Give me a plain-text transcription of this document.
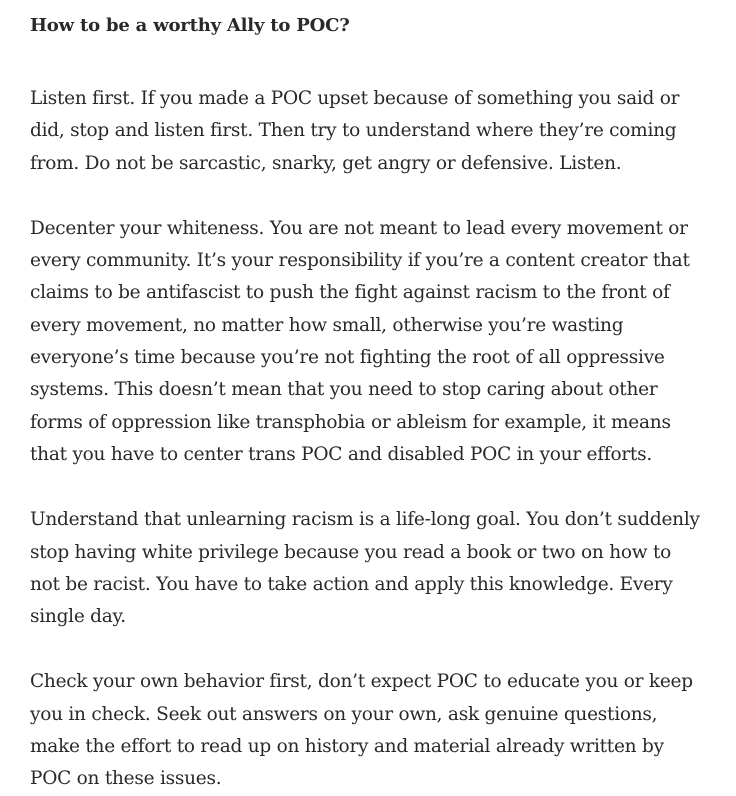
How to be a worthy Ally to POC?

Listen first. If you made a POC upset because of something you said or did, stop and listen first. Then try to understand where they’re coming from. Do not be sarcastic, snarky, get angry or defensive. Listen.

Decenter your whiteness. You are not meant to lead every movement or every community. It’s your responsibility if you’re a content creator that claims to be antifascist to push the fight against racism to the front of every movement, no matter how small, otherwise you’re wasting everyone’s time because you’re not fighting the root of all oppressive systems. This doesn’t mean that you need to stop caring about other forms of oppression like transphobia or ableism for example, it means that you have to center trans POC and disabled POC in your efforts.

Understand that unlearning racism is a life-long goal. You don’t suddenly stop having white privilege because you read a book or two on how to not be racist. You have to take action and apply this knowledge. Every single day.

Check your own behavior first, don’t expect POC to educate you or keep you in check. Seek out answers on your own, ask genuine questions, make the effort to read up on history and material already written by POC on these issues.
